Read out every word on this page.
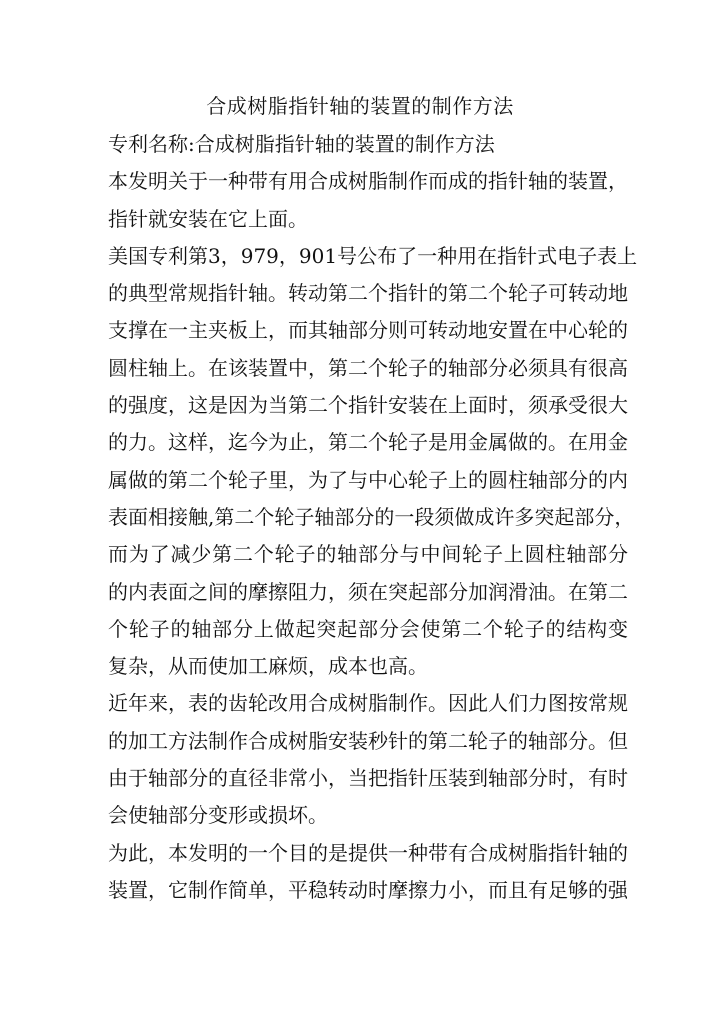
合成树脂指针轴的装置的制作方法
专利名称:合成树脂指针轴的装置的制作方法
本发明关于一种带有用合成树脂制作而成的指针轴的装置，
指针就安装在它上面。
美国专利第3，979，901号公布了一种用在指针式电子表上
的典型常规指针轴。转动第二个指针的第二个轮子可转动地
支撑在一主夹板上，而其轴部分则可转动地安置在中心轮的
圆柱轴上。在该装置中，第二个轮子的轴部分必须具有很高
的强度，这是因为当第二个指针安装在上面时，须承受很大
的力。这样，迄今为止，第二个轮子是用金属做的。在用金
属做的第二个轮子里，为了与中心轮子上的圆柱轴部分的内
表面相接触,第二个轮子轴部分的一段须做成许多突起部分，
而为了减少第二个轮子的轴部分与中间轮子上圆柱轴部分
的内表面之间的摩擦阻力，须在突起部分加润滑油。在第二
个轮子的轴部分上做起突起部分会使第二个轮子的结构变
复杂，从而使加工麻烦，成本也高。
近年来，表的齿轮改用合成树脂制作。因此人们力图按常规
的加工方法制作合成树脂安装秒针的第二轮子的轴部分。但
由于轴部分的直径非常小，当把指针压装到轴部分时，有时
会使轴部分变形或损坏。
为此，本发明的一个目的是提供一种带有合成树脂指针轴的
装置，它制作简单，平稳转动时摩擦力小，而且有足够的强
